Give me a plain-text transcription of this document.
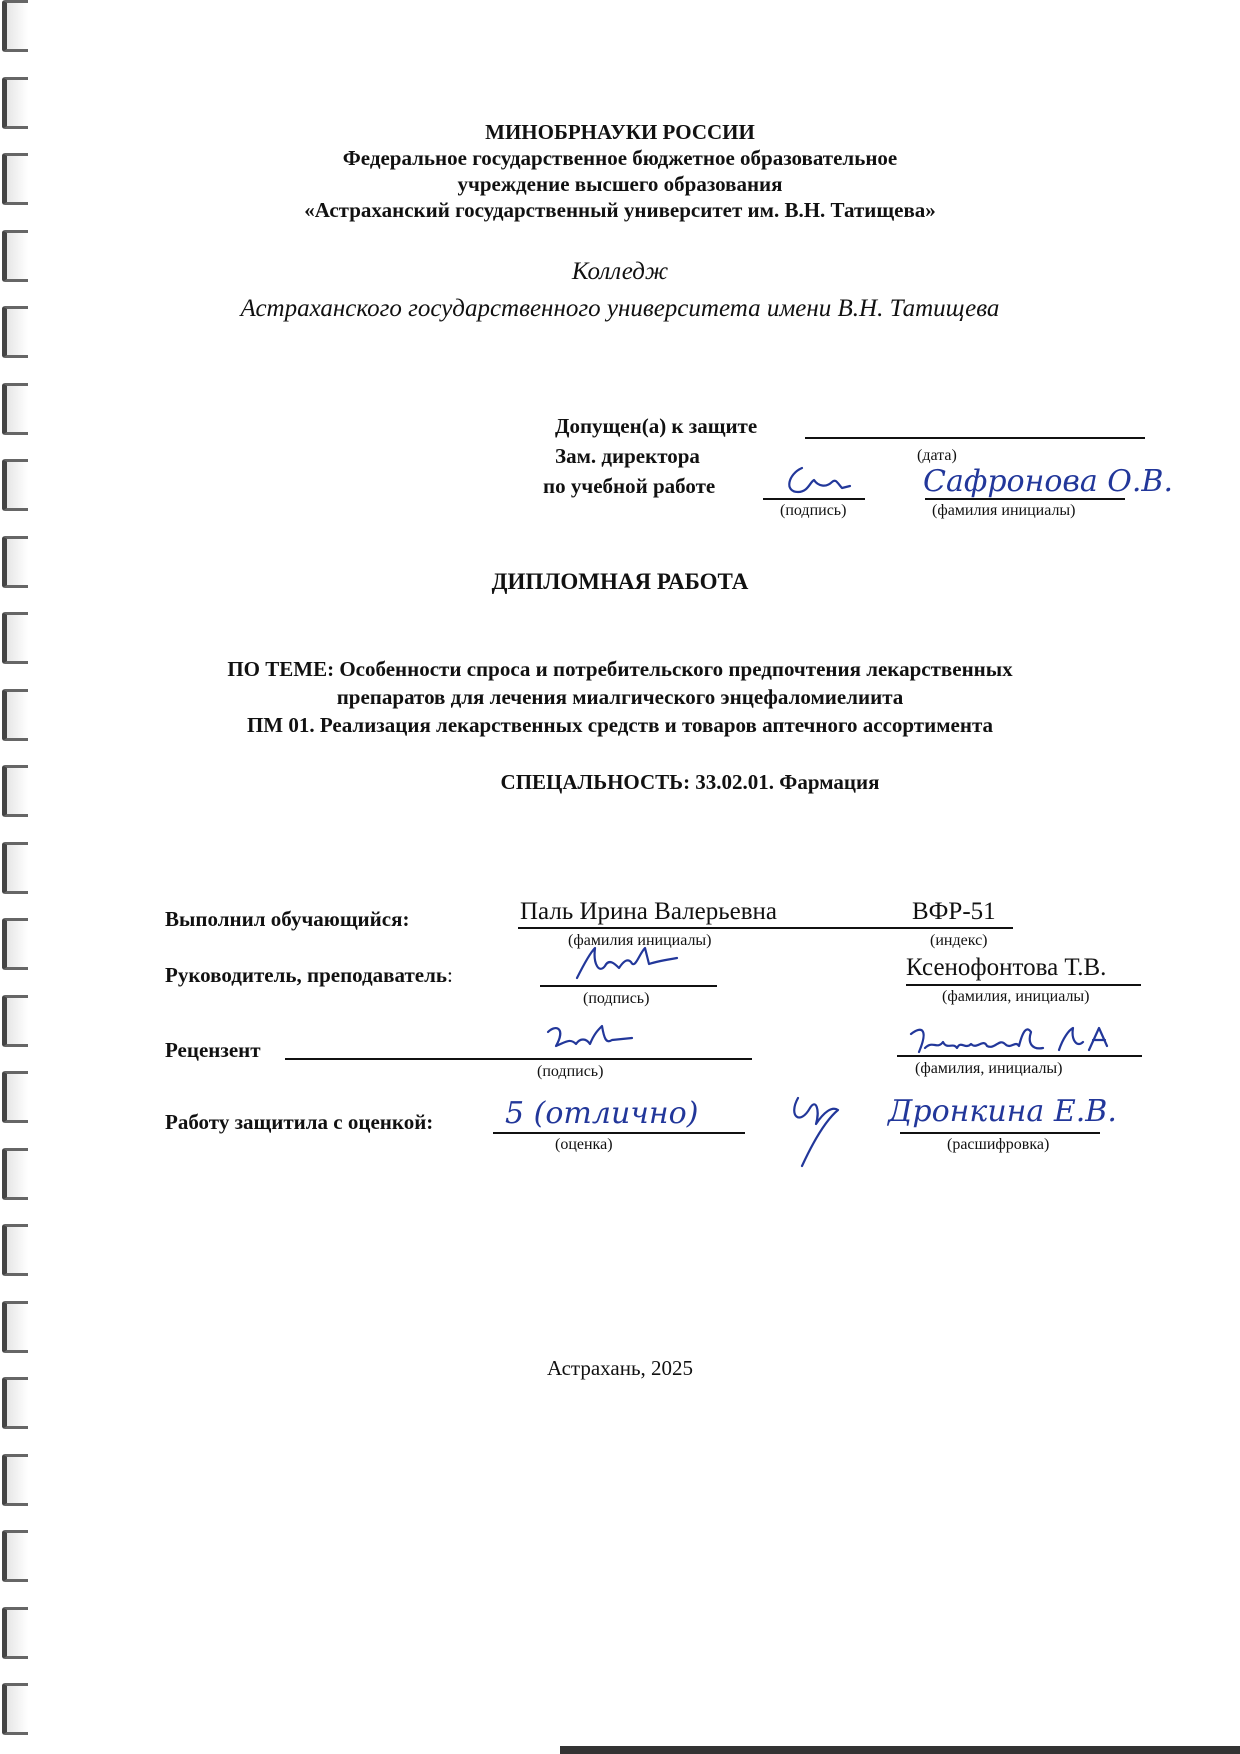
МИНОБРНАУКИ РОССИИ
Федеральное государственное бюджетное образовательное
учреждение высшего образования
«Астраханский государственный университет им. В.Н. Татищева»
Колледж
Астраханского государственного университета имени В.Н. Татищева
Допущен(а) к защите
(дата)
Зам. директора
по учебной работе
(подпись)
Сафронова О.В.
(фамилия инициалы)
ДИПЛОМНАЯ РАБОТА
ПО ТЕМЕ: Особенности спроса и потребительского предпочтения лекарственных
препаратов для лечения миалгического энцефаломиелиита
ПМ 01. Реализация лекарственных средств и товаров аптечного ассортимента
СПЕЦАЛЬНОСТЬ: 33.02.01. Фармация
Выполнил обучающийся:	Паль Ирина Валерьевна	ВФР-51
(фамилия инициалы)	(индекс)
Руководитель, преподаватель:
(подпись)
Ксенофонтова Т.В.
(фамилия, инициалы)
Рецензент
(подпись)	(фамилия, инициалы)
Работу защитила с оценкой: 5 (отлично)
(оценка)
Дронкина Е.В.
(расшифровка)
Астрахань, 2025
